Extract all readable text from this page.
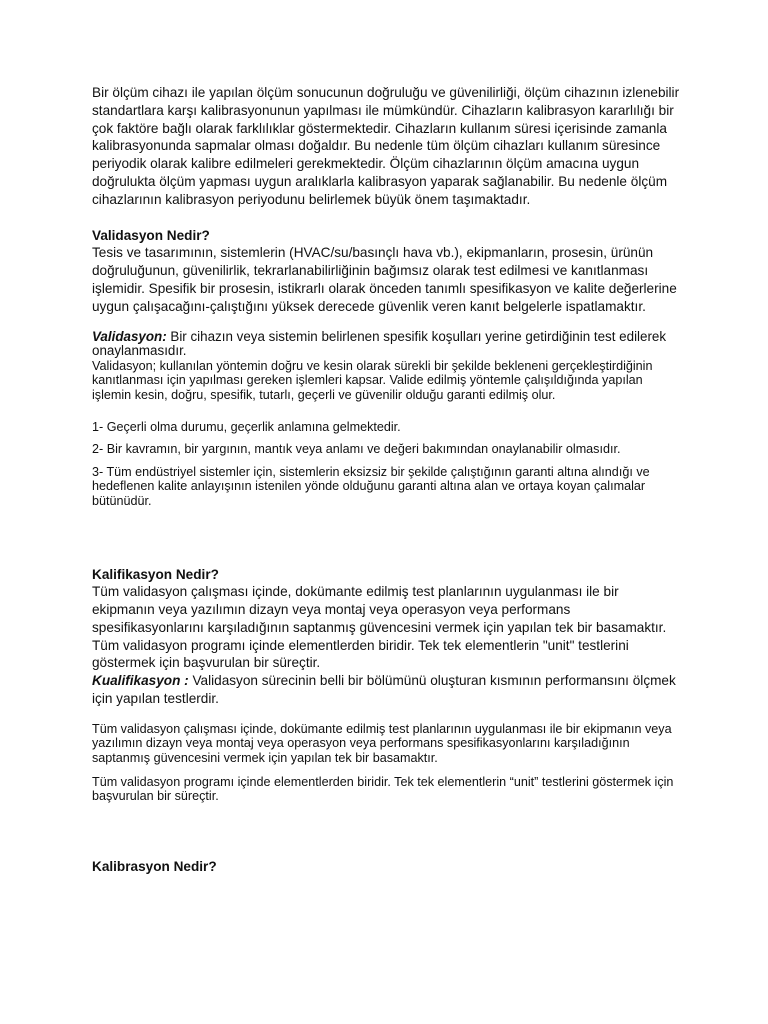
Bir ölçüm cihazı ile yapılan ölçüm sonucunun doğruluğu ve güvenilirliği, ölçüm cihazının izlenebilir standartlara karşı kalibrasyonunun yapılması ile mümkündür. Cihazların kalibrasyon kararlılığı bir çok faktöre bağlı olarak farklılıklar göstermektedir. Cihazların kullanım süresi içerisinde zamanla kalibrasyonunda sapmalar olması doğaldır. Bu nedenle tüm ölçüm cihazları kullanım süresince periyodik olarak kalibre edilmeleri gerekmektedir. Ölçüm cihazlarının ölçüm amacına uygun doğrulukta ölçüm yapması uygun aralıklarla kalibrasyon yaparak sağlanabilir. Bu nedenle ölçüm cihazlarının kalibrasyon periyodunu belirlemek büyük önem taşımaktadır.

Validasyon Nedir?

Tesis ve tasarımının, sistemlerin (HVAC/su/basınçlı hava vb.), ekipmanların, prosesin, ürünün doğruluğunun, güvenilirlik, tekrarlanabilirliğinin bağımsız olarak test edilmesi ve kanıtlanması işlemidir. Spesifik bir prosesin, istikrarlı olarak önceden tanımlı spesifikasyon ve kalite değerlerine uygun çalışacağını-çalıştığını yüksek derecede güvenlik veren kanıt belgelerle ispatlamaktır.

Validasyon: Bir cihazın veya sistemin belirlenen spesifik koşulları yerine getirdiğinin test edilerek onaylanmasıdır.

Validasyon; kullanılan yöntemin doğru ve kesin olarak sürekli bir şekilde bekleneni gerçekleştirdiğinin kanıtlanması için yapılması gereken işlemleri kapsar. Valide edilmiş yöntemle çalışıldığında yapılan işlemin kesin, doğru, spesifik, tutarlı, geçerli ve güvenilir olduğu garanti edilmiş olur.

1- Geçerli olma durumu, geçerlik anlamına gelmektedir.

2- Bir kavramın, bir yargının, mantık veya anlamı ve değeri bakımından onaylanabilir olmasıdır.

3- Tüm endüstriyel sistemler için, sistemlerin eksizsiz bir şekilde çalıştığının garanti altına alındığı ve hedeflenen kalite anlayışının istenilen yönde olduğunu garanti altına alan ve ortaya koyan çalımalar bütünüdür.

Kalifikasyon Nedir?

Tüm validasyon çalışması içinde, dokümante edilmiş test planlarının uygulanması ile bir ekipmanın veya yazılımın dizayn veya montaj veya operasyon veya performans spesifikasyonlarını karşıladığının saptanmış güvencesini vermek için yapılan tek bir basamaktır. Tüm validasyon programı içinde elementlerden biridir. Tek tek elementlerin "unit" testlerini göstermek için başvurulan bir süreçtir.

Kualifikasyon : Validasyon sürecinin belli bir bölümünü oluşturan kısmının performansını ölçmek için yapılan testlerdir.

Tüm validasyon çalışması içinde, dokümante edilmiş test planlarının uygulanması ile bir ekipmanın veya yazılımın dizayn veya montaj veya operasyon veya performans spesifikasyonlarını karşıladığının saptanmış güvencesini vermek için yapılan tek bir basamaktır.

Tüm validasyon programı içinde elementlerden biridir. Tek tek elementlerin “unit” testlerini göstermek için başvurulan bir süreçtir.

Kalibrasyon Nedir?
